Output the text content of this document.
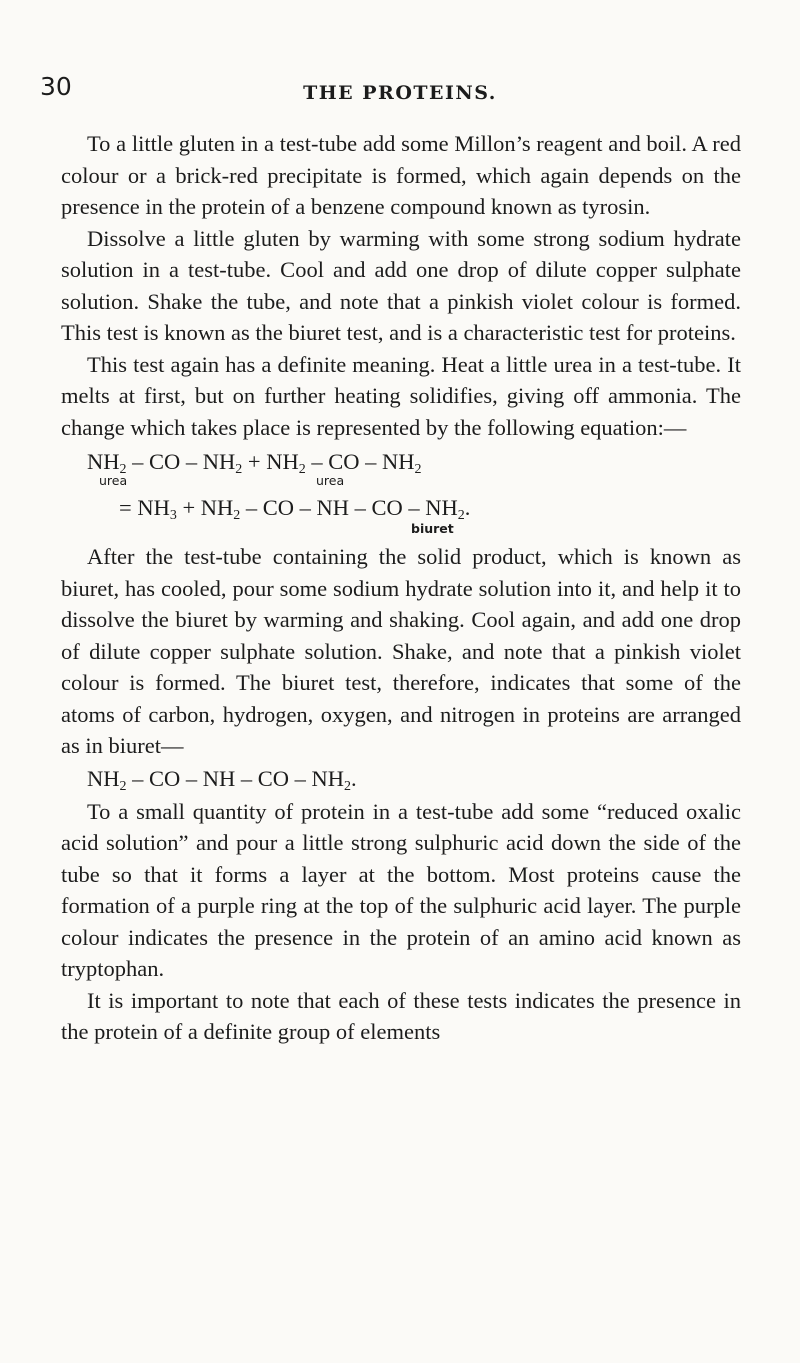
30	THE PROTEINS.

To a little gluten in a test-tube add some Millon’s reagent and boil. A red colour or a brick-red precipitate is formed, which again depends on the presence in the protein of a benzene compound known as tyrosin.

Dissolve a little gluten by warming with some strong sodium hydrate solution in a test-tube. Cool and add one drop of dilute copper sulphate solution. Shake the tube, and note that a pinkish violet colour is formed. This test is known as the biuret test, and is a characteristic test for proteins.

This test again has a definite meaning. Heat a little urea in a test-tube. It melts at first, but on further heating solidifies, giving off ammonia. The change which takes place is represented by the following equation:—

$NH_2$ – CO – $NH_2 + NH_2$ – CO – $NH_2$
urea	urea
= $NH_3 + NH_2$ – CO – NH – CO – $NH_2$.
biuret

After the test-tube containing the solid product, which is known as biuret, has cooled, pour some sodium hydrate solution into it, and help it to dissolve the biuret by warming and shaking. Cool again, and add one drop of dilute copper sulphate solution. Shake, and note that a pinkish violet colour is formed. The biuret test, therefore, indicates that some of the atoms of carbon, hydrogen, oxygen, and nitrogen in proteins are arranged as in biuret—

$NH_2$ – CO – NH – CO – $NH_2$.

To a small quantity of protein in a test-tube add some “reduced oxalic acid solution” and pour a little strong sulphuric acid down the side of the tube so that it forms a layer at the bottom. Most proteins cause the formation of a purple ring at the top of the sulphuric acid layer. The purple colour indicates the presence in the protein of an amino acid known as tryptophan.

It is important to note that each of these tests indicates the presence in the protein of a definite group of elements
